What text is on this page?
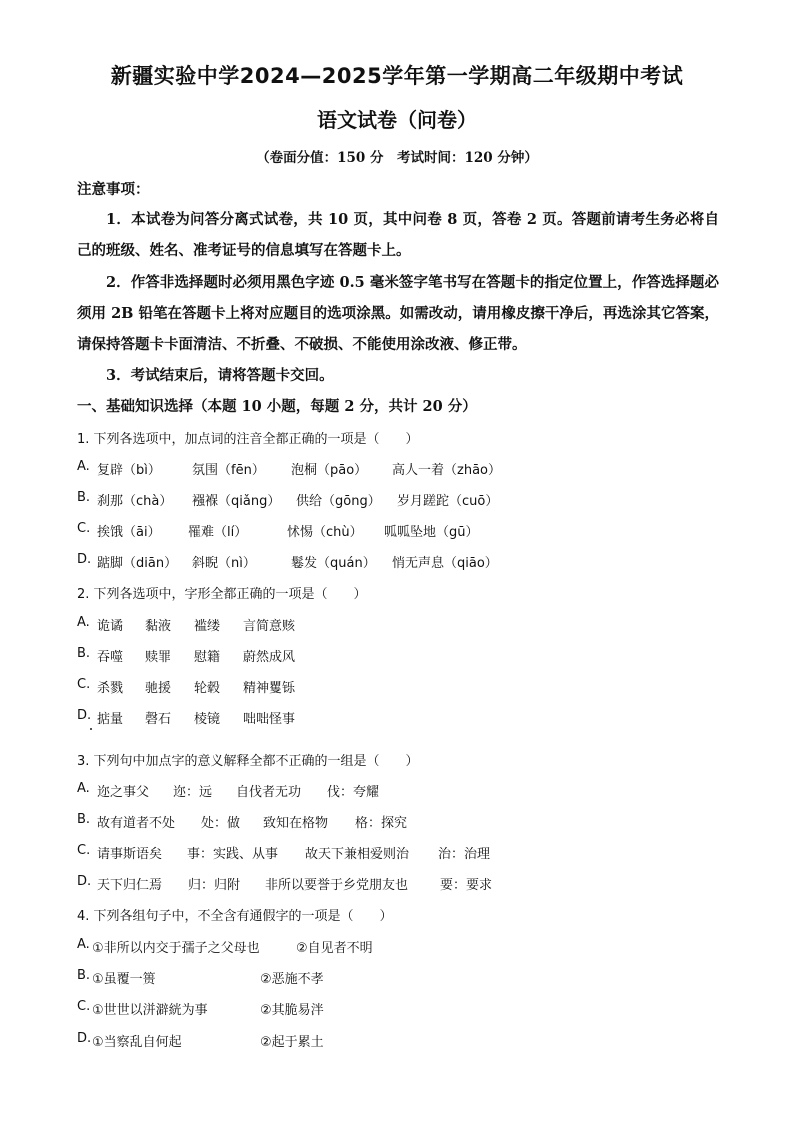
新疆实验中学2024—2025学年第一学期高二年级期中考试
语文试卷（问卷）
（卷面分值：150 分　考试时间：120 分钟）
注意事项：
1．本试卷为问答分离式试卷，共 10 页，其中问卷 8 页，答卷 2 页。答题前请考生务必将自己的班级、姓名、准考证号的信息填写在答题卡上。
2．作答非选择题时必须用黑色字迹 0.5 毫米签字笔书写在答题卡的指定位置上，作答选择题必须用 2B 铅笔在答题卡上将对应题目的选项涂黑。如需改动，请用橡皮擦干净后，再选涂其它答案，请保持答题卡卡面清洁、不折叠、不破损、不能使用涂改液、修正带。
3．考试结束后，请将答题卡交回。
一、基础知识选择（本题 10 小题，每题 2 分，共计 20 分）
1. 下列各选项中，加点词的注音全都正确的一项是（　　）
A. 复辟（bì） 氛围（fēn） 泡桐（pāo） 高人一着（zhāo）
B. 刹那（chà） 襁褓（qiǎng） 供给（gōng） 岁月蹉跎（cuō）
C. 挨饿（āi） 罹难（lí）	怵惕（chù） 呱呱坠地（gū）
D. 踮脚（diān） 斜睨（nì）	鬈发（quán） 悄无声息（qiāo）
2. 下列各选项中，字形全都正确的一项是（　　）
A. 诡谲 黏液 褴缕 言简意赅
B. 吞噬 赎罪 慰籍 蔚然成风
C. 杀戮 驰援 轮毂 精神矍铄
D. 掂量 磬石 棱镜 咄咄怪事
3. 下列句中加点字的意义解释全都不正确的一组是（　　）
A. 迩之事父 迩：远 自伐者无功 伐：夸耀
B. 故有道者不处 处：做 致知在格物 格：探究
C. 请事斯语矣 事：实践、从事 故天下兼相爱则治 治：治理
D. 天下归仁焉 归：归附 非所以要誉于乡党朋友也 要：要求
4. 下列各组句子中，不全含有通假字的一项是（　　）
A. ①非所以内交于孺子之父母也	②自见者不明
B. ①虽覆一篑	②恶施不孝
C. ①世世以洴澼絖为事	②其脆易泮
D. ①当察乱自何起	②起于累土
